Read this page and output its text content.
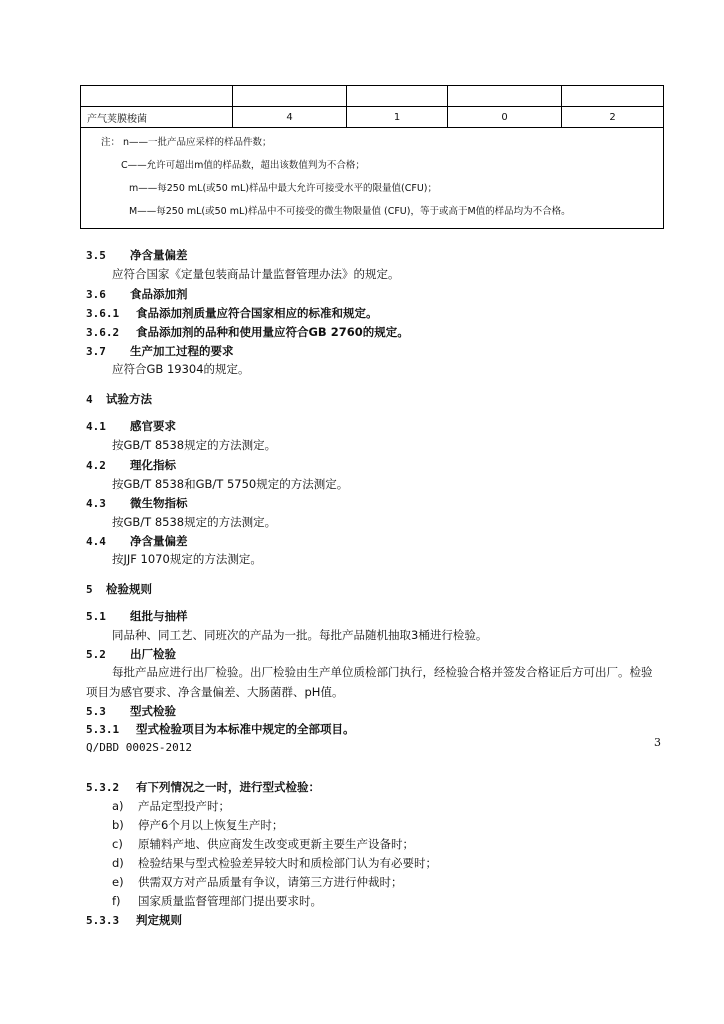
产气荚膜梭菌	4	1	0	2

注： n——一批产品应采样的样品件数；
C——允许可超出m值的样品数，超出该数值判为不合格；
m——每250 mL(或50 mL)样品中最大允许可接受水平的限量值(CFU)；
M——每250 mL(或50 mL)样品中不可接受的微生物限量值 (CFU)，等于或高于M值的样品均为不合格。				
3.5 净含量偏差
应符合国家《定量包装商品计量监督管理办法》的规定。
3.6 食品添加剂
3.6.1 食品添加剂质量应符合国家相应的标准和规定。
3.6.2 食品添加剂的品种和使用量应符合GB 2760的规定。
3.7 生产加工过程的要求
应符合GB 19304的规定。
4 试验方法
4.1 感官要求
按GB/T 8538规定的方法测定。
4.2 理化指标
按GB/T 8538和GB/T 5750规定的方法测定。
4.3 微生物指标
按GB/T 8538规定的方法测定。
4.4 净含量偏差
按JJF 1070规定的方法测定。
5 检验规则
5.1 组批与抽样
同品种、同工艺、同班次的产品为一批。每批产品随机抽取3桶进行检验。
5.2 出厂检验
每批产品应进行出厂检验。出厂检验由生产单位质检部门执行，经检验合格并签发合格证后方可出厂。检验项目为感官要求、净含量偏差、大肠菌群、pH值。
5.3 型式检验
5.3.1 型式检验项目为本标准中规定的全部项目。
Q/DBD 0002S-2012	3
5.3.2 有下列情况之一时，进行型式检验：
a) 产品定型投产时；
b) 停产6个月以上恢复生产时；
c) 原辅料产地、供应商发生改变或更新主要生产设备时；
d) 检验结果与型式检验差异较大时和质检部门认为有必要时；
e) 供需双方对产品质量有争议，请第三方进行仲裁时；
f) 国家质量监督管理部门提出要求时。
5.3.3 判定规则
